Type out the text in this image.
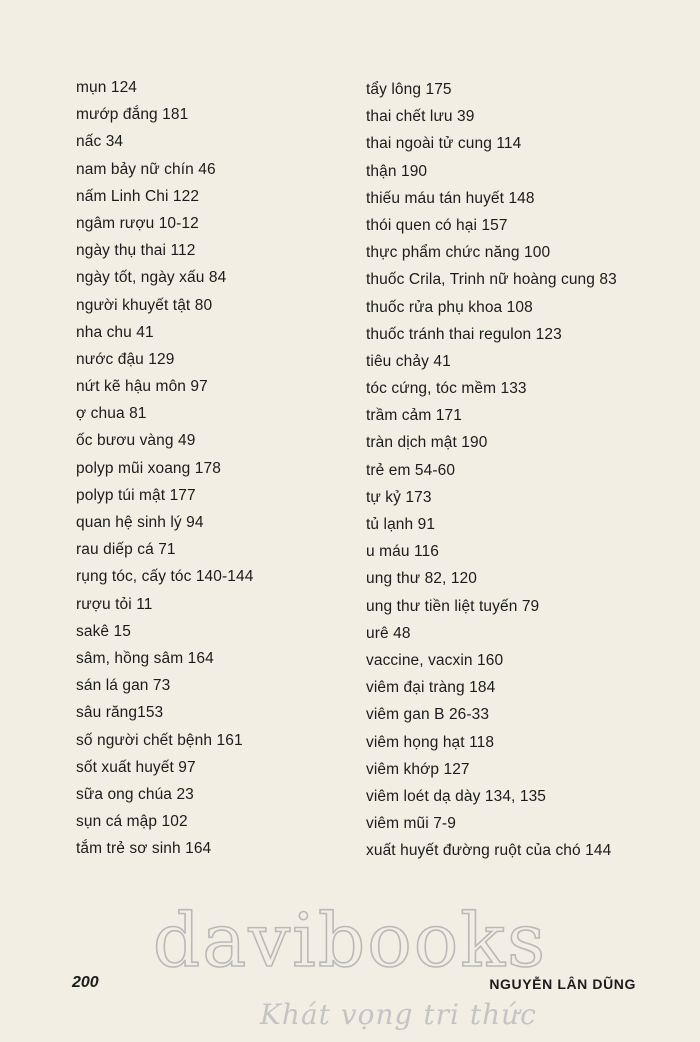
mụn 124
mướp đắng 181
nấc 34
nam bảy nữ chín 46
nấm Linh Chi 122
ngâm rượu 10-12
ngày thụ thai 112
ngày tốt, ngày xấu 84
người khuyết tật 80
nha chu 41
nước đậu 129
nứt kẽ hậu môn 97
ợ chua 81
ốc bươu vàng 49
polyp mũi xoang 178
polyp túi mật 177
quan hệ sinh lý 94
rau diếp cá 71
rụng tóc, cấy tóc 140-144
rượu tỏi 11
sakê 15
sâm, hồng sâm 164
sán lá gan 73
sâu răng153
số người chết bệnh 161
sốt xuất huyết 97
sữa ong chúa 23
sụn cá mập 102
tắm trẻ sơ sinh 164
tẩy lông 175
thai chết lưu 39
thai ngoài tử cung 114
thận 190
thiếu máu tán huyết 148
thói quen có hại 157
thực phẩm chức năng 100
thuốc Crila, Trinh nữ hoàng cung 83
thuốc rửa phụ khoa 108
thuốc tránh thai regulon 123
tiêu chảy 41
tóc cứng, tóc mềm 133
trầm cảm 171
tràn dịch mật 190
trẻ em 54-60
tự kỷ 173
tủ lạnh 91
u máu 116
ung thư 82, 120
ung thư tiền liệt tuyến 79
urê 48
vaccine, vacxin 160
viêm đại tràng 184
viêm gan B 26-33
viêm họng hạt 118
viêm khớp 127
viêm loét dạ dày 134, 135
viêm mũi 7-9
xuất huyết đường ruột của chó 144
davibooks
Khát vọng tri thức
200	NGUYỄN LÂN DŨNG
